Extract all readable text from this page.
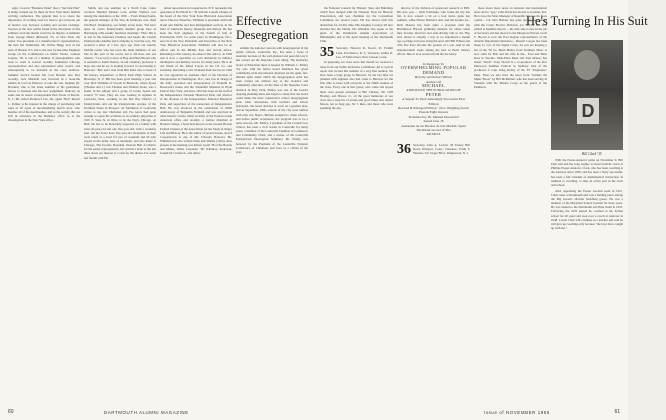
edge. I read in "Business Week" that a "Survival Plan" is being worked out by these de New York men's fashion wrtiting conference. The general idea is to stress the importance of evening wear for men to get everyone out of home's way between evening and second evenings. Sources of the new outfits found in the discussion of this summer; even the details would be on display. A reminder from George Henry (Bernard) '23, of New York, the senior vice-president of a manufacturer's representatives, the man fell Sutherland, Mr. Walter Hugg, now in his term of Bureau Y-S and is the new by-the-time Engineer Group on the Commission on Public Works. Lennon Gaynor, '30, is one of a number of photographers who took to work at several recently nominated Chicago representatives and also represented other events, and subsequently to be included in the class archives. Summer service leaders Mr. Cote Boland, also Roy recently, Jack Marshall was involved in a book-the edition in town in Hanover to take his son. Stephen (N. Hawkes) who is the latest summer of his generation, moves to business into his new assignment. Delivery on some and no notice correspondent Bob Sweet of Morris, N. J.; Mr. Albert Prothero's Ltd., Inc. agent "Bob" Robert L. Palmer is his interest in the charge of purchasing and sales of all types of merchandising merch store, who handles all of his merchandise; and as the society this are still in existence in the Berkeley office as is the investigation in the New York office.

Smith, and one summer on a North Cape cruise vacation Wendell Maness Cole, Arthur Wallace was among the attendance at the 1956 ... From Pennsylvania, the general manager of the Vita, & Solutions, now chief Jim Boyd. Wednesday, our family seven letter. "We have quite an active Pennsylvania Alumni group here in Harrisburg with weekly luncheon meetings." Here Jim is at last in the insurance business and heads the Central Pennsylvania Alumni and is helping to lead the way. We received a letter of a few days ago from our usually faithful reader who has been the main members of our line in this part of the world, but it did have one sad remark, "I was sorry to hear of Hap and Herb Bloom who is assistant to Keith Tierney, an old voluntary professor. I hope one and he too is looking forward to vacationing at Hanover." Bob and I met from Bill Reid who is head of the history department at Brick Park High School in Brooklyn, N. Y. Bill has been good meeting a year and over. Bob Williams of Stovell in Bernardo, where Spoof (Thomas and J.) was Thomas and Thomas Stone, was a leader in the Albany and a group of works, Speed and several '37 men. They are now looking in together in Lancaster, Peru, working in the Bar Bay District of Pennsylvania and out the Pennsylvania Avenue of the Northern States in Prospect. Al Tomlinson of Louisville writes to me last Christmas and I've never had quite enough to repeat his activities as an ordinary physician at 1601 E. State St. in Ohio; to be the Navy, Chicago. Al Hall, his last to be honorably respected in a family with twin six-year-old and one five-year-old; with a weekday four. All the Tours have five-year-old mountains at their local ranch at a town for two of weekend and all who stayed in the Army base as mountain, and also home at Chicago. The Toronto President, Duncan Hall at Charles for the senior representative, has written a letter to the last three about our interest at a visit for the dinner. For some last month with Mr.

tation Association in Cooperstown, N.Y. represents the operation of Fred Robt Jr.; '39 with the Cornell Chapter of the board of the New York State Historical Association and is Director Emeritus; Whitman is president with both brand and Martha and had distinguished services in the field of American history museums and history. He has been the field engineer of the Fourth of July in Portsmouth, N.H., for some years in Washington, D.C., and all of the Vice Presidents and Executive of the New York Historical Association. Whitman will also be an officer and in the Middle Eats and Seciall Africa. Returning to this country, he entered The Ark Co. in 1949 and is now a specialist on cold deviations in military intelligence and military service for many years. He is an old friend of the Allied Forces in the US Ca. and Germany. Returning to the National Park Service in 1946 he was appointed an assistant chief of the Division of Interpretation in Washington, D.C., and was in charge of the daily operation and interpretation of Franklin D. Roosevelt's house and the Vanderbilt Mansion in Hyde Park in New York, and since 1952 has been on the staff of the Independence National Historical Park, and director of the division of the Independence National Historical Park, and supervisor of the restoration of Independence Hall. He was involved in the celebration of 200th Anniversary of Benjamin Franklin and was involved in other historic events. Other recently of the Eastern Greek American office and recently, a former chairman at Boston College, a hotel hole known as the Greater Boston Federal Chapter of the Association for the Study of Negro Life and History. He is the author of several books, and of Cooperstown is one of Mr. Fobron's Hanover. Mr. Whitman has also written Edna and Martha (1952). Also present at the meeting was Robert Grant '38 of the Boston and Maine, James Carpenter '38, Winthrop Anderson, Joseph M. Conant Jr., and others.

Effective Desegregation

Amidst the national concern with desegregation in the public schools, Louisville, Ky., has been a focus of attention because of the well-planned and peaceful way it has carried out the Supreme Court ruling. The Kentucky board of Education there is headed by William C. Embry '24, who with his fellow board members has given community-wide and national attention for the quiet, fair-minded spirit under which the desegregation order has been carried out without any of the violence and community objection. At the time of the Supreme Court decision in May 1954, Embry was one of the board's ongoing planning ideas and began to study how the board could make the most constructive school desegregation plan. After discussions with teachers and school principals, the board decided to work on a gradual plan, and in September 1956, schools of the city were unified with only two Negro children assigned to white schools, and before public acceptance, the program was to be a quiet success. Mr. Embry, a graduate of the Cornell Law School, has been a civic leader in Louisville for many years, a member of the Louisville Chamber of Commerce and Community Chest, and a trustee of the Louisville Presbyterian Theological Seminary. Mr. Embry was honored by the President of the Louisville National Conference of Christians and Jews as a citizen of the year.

60	DARTMOUTH ALUMNI MAGAZINE

the National Council for Historic Sites and Buildings which have merged with the National Trust for Historic Preservation, and was chairman for the Convention Committee for several years. He has served with this distinction for all this time. His daughter Carolyn '46 also married into the family. Mr. Whitman also spoke as the guest of the Dartmouth Alumni Association of Philadelphia and at the April meeting of the Dartmouth Club.

35 Secretary, Howard R. Stover, 45 Foxhill Lane, Providence, R. I.; Treasurer, Arthur D. Lee, 23 Main Street, New Canaan, Conn.

In preparing our class notes this month we received a letter from our Public Relations Committee. All is well in report that we had this summer of a very fine reunion. We have been a large group in Hanover, by the last time we jammed with eighteen who had come to Hanover for the first time to meet with everyone at the Ninth reunion of the class. Every one in that group, who come and stayed there were people stationed at Bill Chidsey, Mr. Cliff Bradley, and Horace Jr.; all the good memories of our class and a long list of events and good times and, Albert Moore, not so long ago, Sir J. Russ, and those who were spending the day.

director of the division of sponsored research at MIT. His new post ... Dick Fairbanks, who broke his hip last fall, is now around a bit on a four metre game last summer, while Howie Holmes's arm, and his brother Al... Rich Maness has been quite a program with the Hutchinson Haroon gathering material for tables when they became involved and side-driving ball in the Hop bars. About to classify a way as we announced a month ago a pickup is in pass along the news that Bill Wilson and wife Dot have become the parents of a son. And in the announcement looks among the best of Bob's literary efforts. Here it is as received from his Secretary:

In Response To
OVERWHELMING POPULAR DEMAND
Beverly and Robert Wilson
Authors Of
MICHAEL
ANNOUNCE THE PUBLICATION OF
PETER
A Sequel To Their Amazingly Successful First Edition
Revised & Enlarged Edition · Now Weighing Seven Pounds Eight Ounces
Translated by Dr. Manuel Moosebird
Issued June 18
Assistente de las Fuerzas de Joie Madrid, Spain
The Ritzel-second of Mrs
MCMLVI
36 Secretary, John A. Leavitt, 58 Turkey Hill Road, Westport, Conn.; Treasurer, Frank T. Mertens, 321 Upper Blvd., Ridgewood, N. J.

more about more news on national and international news and to "gee," John Davis has moved to Garland, Tex. He is now the Sales Manager of Republic Steel at the State capital... Cal John Barbier has gone out of the country with the Carter Electric Division. Art Sawyer has now settled at Summit; here in ... his wife who is new in the job of Secretary and has moved to the Pinegrove Eleven, Cecil C. Brown is now the East Region representative of the Atlantic Department Insurance... Russell Cooper has been made Lt. Col. of the Signal Corps. As you are keeping a list of the '36 lot, Brian Phelps from Southern Mass. is now sixth for Bob and his wife in the... Fred and Hans Ross in Toronto, Ohio-Eben Reed and Tom Mason, has leases "Ozelt". Tony Novell is a co-producer of the Port Pinewood Summer Festival in Sudbury. One of the producers is Capt. King Dolley of the TV "Playhouse" fame. Then we also have the news from "Gimme the Music Boots" by Bill McMullen, who has been serving in Vietnam with the Marine Corps as the guard of the Pantheon.

He's Turning In His Suit
D
Bill Clark '35

With the Easter-Andover game on November 9, Bill Fjell will end his long regime as head football coach at Phillips Exeter Andover. Clark, who has been coaching at the Andover since 1930, and has been a fairly successful, has been a full schedule of mathematical instruction, in addition to coaching, to take an active part in the town and school.

After appraising the Exeter football team in 1927, Clark came to Dartmouth and won a fielding place among the Big Green's all-time backfield greats. He was a member of the Maryland School football for three years. He was named to the Dartmouth All-Time Team in 1953. Following the 1935 season he coached at his former school for 20 years and took over a coach at Andover in 1948. Coach Clark will continue as a teacher and said he will give up coaching only because "the boys have caught up with me."

Issue of NOVEMBER 1956	61
